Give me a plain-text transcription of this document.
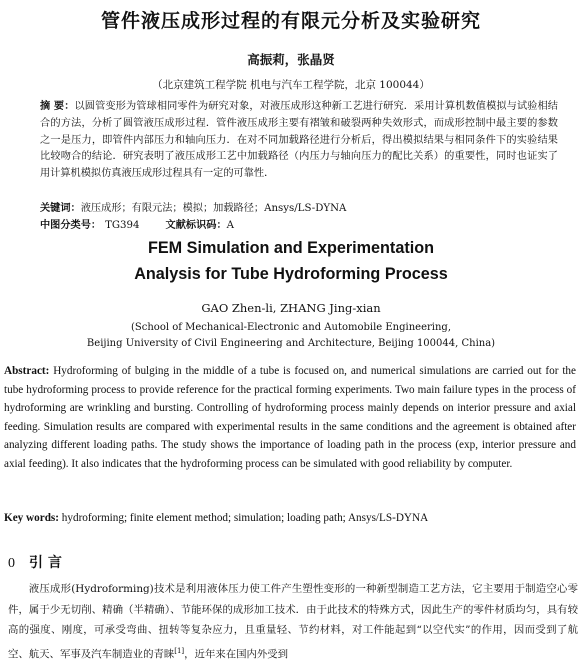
管件液压成形过程的有限元分析及实验研究
高振莉，张晶贤
（北京建筑工程学院 机电与汽车工程学院，北京 100044）
摘 要：以圆管变形为管球相同零件为研究对象，对液压成形这种新工艺进行研究．采用计算机数值模拟与试验相结合的方法，分析了圆管液压成形过程．管件液压成形主要有褶皱和破裂两种失效形式，而成形控制中最主要的参数之一是压力，即管件内部压力和轴向压力．在对不同加载路径进行分析后，得出模拟结果与相同条件下的实验结果比较吻合的结论．研究表明了液压成形工艺中加载路径（内压力与轴向压力的配比关系）的重要性，同时也证实了用计算机模拟仿真液压成形过程具有一定的可靠性．
关键词：液压成形；有限元法；模拟；加载路径；Ansys/LS-DYNA
中图分类号： TG394	文献标识码：A
FEM Simulation and Experimentation
Analysis for Tube Hydroforming Process
GAO Zhen-li, ZHANG Jing-xian
(School of Mechanical-Electronic and Automobile Engineering,
Beijing University of Civil Engineering and Architecture, Beijing 100044, China)
Abstract: Hydroforming of bulging in the middle of a tube is focused on, and numerical simulations are carried out for the tube hydroforming process to provide reference for the practical forming experiments. Two main failure types in the process of hydroforming are wrinkling and bursting. Controlling of hydroforming process mainly depends on interior pressure and axial feeding. Simulation results are compared with experimental results in the same conditions and the agreement is obtained after analyzing different loading paths. The study shows the importance of loading path in the process (exp, interior pressure and axial feeding). It also indicates that the hydroforming process can be simulated with good reliability by computer.
Key words: hydroforming; finite element method; simulation; loading path; Ansys/LS-DYNA
0 引 言
液压成形(Hydroforming)技术是利用液体压力使工件产生塑性变形的一种新型制造工艺方法，它主要用于制造空心零件，属于少无切削、精确（半精确）、节能环保的成形加工技术．由于此技术的特殊方式，因此生产的零件材质均匀，具有较高的强度、刚度，可承受弯曲、扭转等复杂应力，且重量轻、节约材料，对工件能起到“以空代实”的作用，因而受到了航空、航天、军事及汽车制造业的青睐[1]，近年来在国内外受到
